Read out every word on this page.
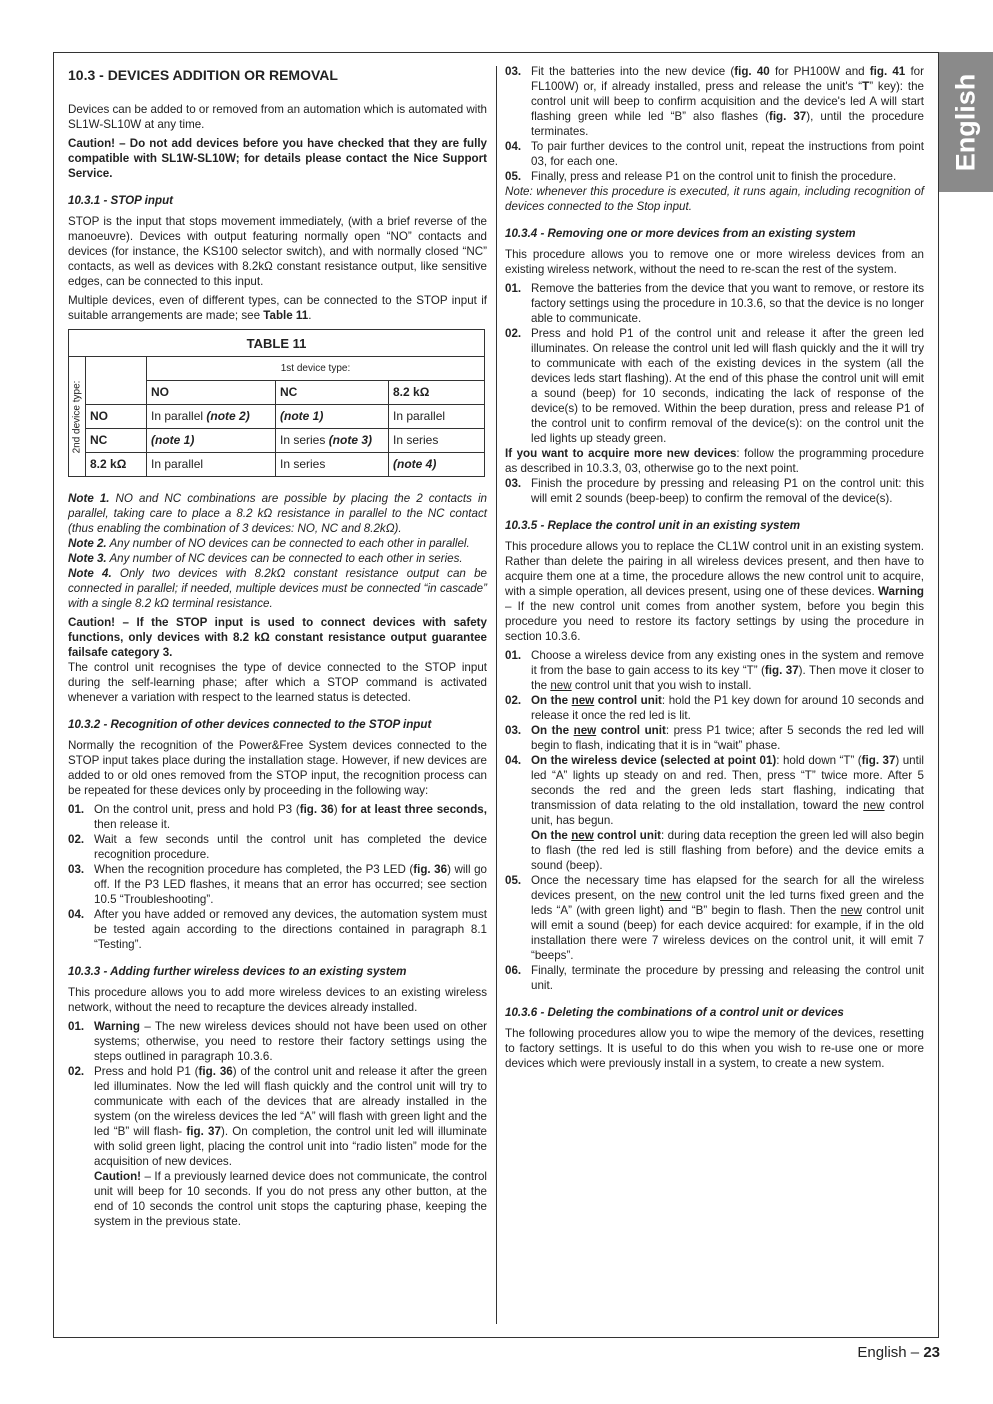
English
10.3 - DEVICES ADDITION OR REMOVAL

Devices can be added to or removed from an automation which is automated with SL1W-SL10W at any time.

Caution! – Do not add devices before you have checked that they are fully compatible with SL1W-SL10W; for details please contact the Nice Support Service.

10.3.1 - STOP input

STOP is the input that stops movement immediately, (with a brief reverse of the manoeuvre). Devices with output featuring normally open “NO” contacts and devices (for instance, the KS100 selector switch), and with normally closed “NC” contacts, as well as devices with 8.2kΩ constant resistance output, like sensitive edges, can be connected to this input.

Multiple devices, even of different types, can be connected to the STOP input if suitable arrangements are made; see Table 11.

TABLE 11				

2nd device type:		1st device type:		
		NO	NC	8.2 kΩ
	NO	In parallel (note 2)	(note 1)	In parallel
	NC	(note 1)	In series (note 3)	In series
	8.2 kΩ	In parallel	In series	(note 4)

Note 1. NO and NC combinations are possible by placing the 2 contacts in parallel, taking care to place a 8.2 kΩ resistance in parallel to the NC contact (thus enabling the combination of 3 devices: NO, NC and 8.2kΩ).

Note 2. Any number of NO devices can be connected to each other in parallel.

Note 3. Any number of NC devices can be connected to each other in series.

Note 4. Only two devices with 8.2kΩ constant resistance output can be connected in parallel; if needed, multiple devices must be connected “in cascade” with a single 8.2 kΩ terminal resistance.

Caution! – If the STOP input is used to connect devices with safety functions, only devices with 8.2 kΩ constant resistance output guarantee failsafe category 3.

The control unit recognises the type of device connected to the STOP input during the self-learning phase; after which a STOP command is activated whenever a variation with respect to the learned status is detected.

10.3.2 - Recognition of other devices connected to the STOP input

Normally the recognition of the Power&Free System devices connected to the STOP input takes place during the installation stage. However, if new devices are added to or old ones removed from the STOP input, the recognition process can be repeated for these devices only by proceeding in the following way:

01. On the control unit, press and hold P3 (fig. 36) for at least three seconds, then release it.
02. Wait a few seconds until the control unit has completed the device recognition procedure.
03. When the recognition procedure has completed, the P3 LED (fig. 36) will go off. If the P3 LED flashes, it means that an error has occurred; see section 10.5 “Troubleshooting”.
04. After you have added or removed any devices, the automation system must be tested again according to the directions contained in paragraph 8.1 “Testing”.
10.3.3 - Adding further wireless devices to an existing system

This procedure allows you to add more wireless devices to an existing wireless network, without the need to recapture the devices already installed.

01. Warning – The new wireless devices should not have been used on other systems; otherwise, you need to restore their factory settings using the steps outlined in paragraph 10.3.6.
02. Press and hold P1 (fig. 36) of the control unit and release it after the green led illuminates. Now the led will flash quickly and the control unit will try to communicate with each of the devices that are already installed in the system (on the wireless devices the led “A” will flash with green light and the led “B” will flash- fig. 37). On completion, the control unit led will illuminate with solid green light, placing the control unit into “radio listen” mode for the acquisition of new devices.
Caution! – If a previously learned device does not communicate, the control unit will beep for 10 seconds. If you do not press any other button, at the end of 10 seconds the control unit stops the capturing phase, keeping the system in the previous state.
03. Fit the batteries into the new device (fig. 40 for PH100W and fig. 41 for FL100W) or, if already installed, press and release the unit's “T” key): the control unit will beep to confirm acquisition and the device's led A will start flashing green while led “B” also flashes (fig. 37), until the procedure terminates.
04. To pair further devices to the control unit, repeat the instructions from point 03, for each one.
05. Finally, press and release P1 on the control unit to finish the procedure.

Note: whenever this procedure is executed, it runs again, including recognition of devices connected to the Stop input.

10.3.4 - Removing one or more devices from an existing system

This procedure allows you to remove one or more wireless devices from an existing wireless network, without the need to re-scan the rest of the system.

01. Remove the batteries from the device that you want to remove, or restore its factory settings using the procedure in 10.3.6, so that the device is no longer able to communicate.
02. Press and hold P1 of the control unit and release it after the green led illuminates. On release the control unit led will flash quickly and the it will try to communicate with each of the existing devices in the system (all the devices leds start flashing). At the end of this phase the control unit will emit a sound (beep) for 10 seconds, indicating the lack of response of the device(s) to be removed. Within the beep duration, press and release P1 of the control unit to confirm removal of the device(s): on the control unit the led lights up steady green.

If you want to acquire more new devices: follow the programming procedure as described in 10.3.3, 03, otherwise go to the next point.

03. Finish the procedure by pressing and releasing P1 on the control unit: this will emit 2 sounds (beep-beep) to confirm the removal of the device(s).
10.3.5 - Replace the control unit in an existing system

This procedure allows you to replace the CL1W control unit in an existing system. Rather than delete the pairing in all wireless devices present, and then have to acquire them one at a time, the procedure allows the new control unit to acquire, with a simple operation, all devices present, using one of these devices. Warning – If the new control unit comes from another system, before you begin this procedure you need to restore its factory settings by using the procedure in section 10.3.6.

01. Choose a wireless device from any existing ones in the system and remove it from the base to gain access to its key “T” (fig. 37). Then move it closer to the new control unit that you wish to install.
02. On the new control unit: hold the P1 key down for around 10 seconds and release it once the red led is lit.
03. On the new control unit: press P1 twice; after 5 seconds the red led will begin to flash, indicating that it is in “wait” phase.
04. On the wireless device (selected at point 01): hold down “T” (fig. 37) until led “A” lights up steady on and red. Then, press “T” twice more. After 5 seconds the red and the green leds start flashing, indicating that transmission of data relating to the old installation, toward the new control unit, has begun.
On the new control unit: during data reception the green led will also begin to flash (the red led is still flashing from before) and the device emits a sound (beep).
05. Once the necessary time has elapsed for the search for all the wireless devices present, on the new control unit the led turns fixed green and the leds “A” (with green light) and “B” begin to flash. Then the new control unit will emit a sound (beep) for each device acquired: for example, if in the old installation there were 7 wireless devices on the control unit, it will emit 7 “beeps”.
06. Finally, terminate the procedure by pressing and releasing the control unit unit.
10.3.6 - Deleting the combinations of a control unit or devices

The following procedures allow you to wipe the memory of the devices, resetting to factory settings. It is useful to do this when you wish to re-use one or more devices which were previously install in a system, to create a new system.

English – 23
